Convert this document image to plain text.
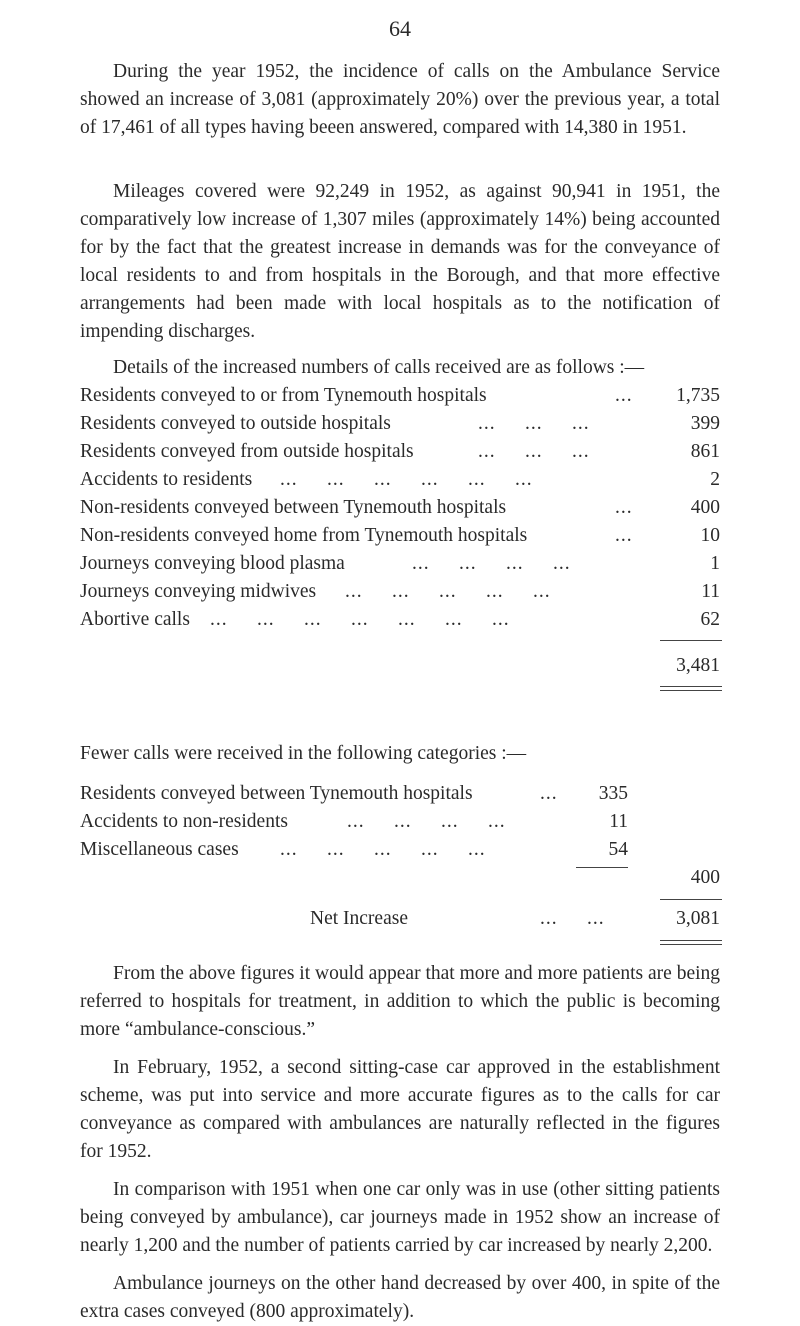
64

During the year 1952, the incidence of calls on the Ambulance Service showed an increase of 3,081 (approximately 20%) over the previous year, a total of 17,461 of all types having beeen answered, compared with 14,380 in 1951.

Mileages covered were 92,249 in 1952, as against 90,941 in 1951, the comparatively low increase of 1,307 miles (approximately 14%) being accounted for by the fact that the greatest increase in demands was for the conveyance of local residents to and from hospitals in the Borough, and that more effective arrangements had been made with local hospitals as to the notification of impending discharges.

Details of the increased numbers of calls received are as follows :—

Residents conveyed to or from Tynemouth hospitals	... 1,735
Residents conveyed to outside hospitals	...     ...     ...	399
Residents conveyed from outside hospitals	...     ...     ...	861
Accidents to residents ...     ...     ...     ...     ...     ...	2
Non-residents conveyed between Tynemouth hospitals	...	400
Non-residents conveyed home from Tynemouth hospitals	...	10
Journeys conveying blood plasma	...     ...     ...     ...	1
Journeys conveying midwives ...     ...     ...     ...     ...	11
Abortive calls ...     ...     ...     ...     ...     ...     ...	62
3,481

Fewer calls were received in the following categories :—

Residents conveyed between Tynemouth hospitals	... 335
Accidents to non-residents	...     ...     ...     ...	11
Miscellaneous cases ...     ...     ...     ...     ...	54
400
Net Increase	...     ...	3,081

From the above figures it would appear that more and more patients are being referred to hospitals for treatment, in addition to which the public is becoming more “ambulance-conscious.”

In February, 1952, a second sitting-case car approved in the establishment scheme, was put into service and more accurate figures as to the calls for car conveyance as compared with ambulances are naturally reflected in the figures for 1952.

In comparison with 1951 when one car only was in use (other sitting patients being conveyed by ambulance), car journeys made in 1952 show an increase of nearly 1,200 and the number of patients carried by car increased by nearly 2,200.

Ambulance journeys on the other hand decreased by over 400, in spite of the extra cases conveyed (800 approximately).
